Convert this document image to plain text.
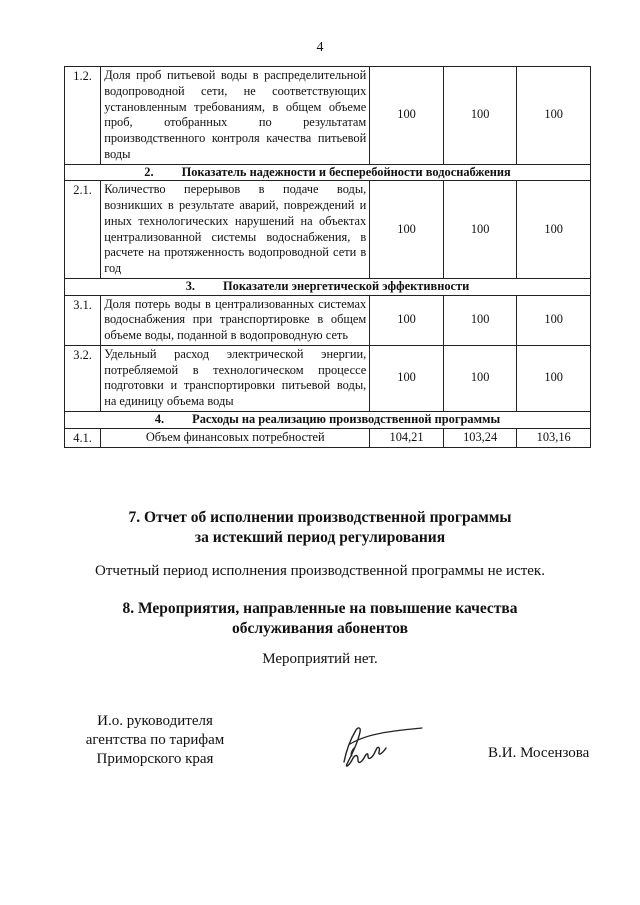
4
1.2.	Доля проб питьевой воды в распределительной водопроводной сети, не соответствующих установленным требованиям, в общем объеме проб, отобранных по результатам производственного контроля качества питьевой воды	100	100	100
2. Показатель надежности и бесперебойности водоснабжения				
2.1.	Количество перерывов в подаче воды, возникших в результате аварий, повреждений и иных технологических нарушений на объектах централизованной системы водоснабжения, в расчете на протяженность водопроводной сети в год	100	100	100
3. Показатели энергетической эффективности				
3.1.	Доля потерь воды в централизованных системах водоснабжения при транспортировке в общем объеме воды, поданной в водопроводную сеть	100	100	100
3.2.	Удельный расход электрической энергии, потребляемой в технологическом процессе подготовки и транспортировки питьевой воды, на единицу объема воды	100	100	100
4. Расходы на реализацию производственной программы				
4.1.	Объем финансовых потребностей	104,21	103,24	103,16
7. Отчет об исполнении производственной программы
за истекший период регулирования
Отчетный период исполнения производственной программы не истек.
8. Мероприятия, направленные на повышение качества
обслуживания абонентов
Мероприятий нет.
И.о. руководителя
агентства по тарифам
Приморского края	В.И. Мосензова
